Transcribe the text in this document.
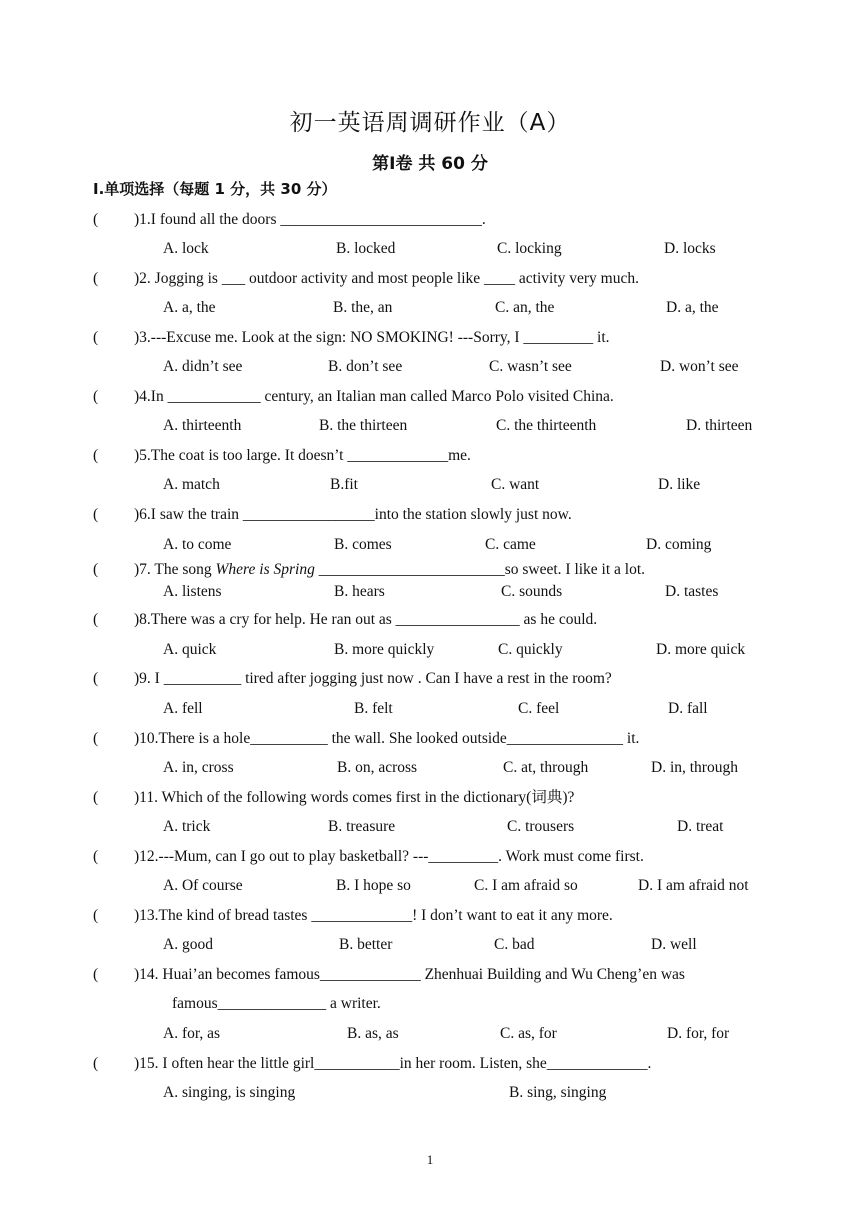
初一英语周调研作业（A）
第Ⅰ卷 共 60 分
Ⅰ.单项选择（每题 1 分，共 30 分）
( )1.I found all the doors __________________________.
A. lock	B. locked	C. locking	D. locks
( )2. Jogging is ___ outdoor activity and most people like ____ activity very much.
A. a, the	B. the, an	C. an, the	D. a, the
( )3.---Excuse me. Look at the sign: NO SMOKING! ---Sorry, I _________ it.
A. didn’t see	B. don’t see	C. wasn’t see	D. won’t see
( )4.In ____________ century, an Italian man called Marco Polo visited China.
A. thirteenth	B. the thirteen	C. the thirteenth	D. thirteen
( )5.The coat is too large. It doesn’t _____________me.
A. match	B.fit	C. want	D. like
( )6.I saw the train _________________into the station slowly just now.
A. to come	B. comes	C. came	D. coming
( )7. The song Where is Spring ________________________so sweet. I like it a lot.
A. listens	B. hears	C. sounds	D. tastes
( )8.There was a cry for help. He ran out as ________________ as he could.
A. quick	B. more quickly	C. quickly	D. more quick
( )9. I __________ tired after jogging just now . Can I have a rest in the room?
A. fell	B. felt	C. feel	D. fall
( )10.There is a hole__________ the wall. She looked outside_______________ it.
A. in, cross	B. on, across	C. at, through	D. in, through
( )11. Which of the following words comes first in the dictionary(词典)?
A. trick	B. treasure	C. trousers	D. treat
( )12.---Mum, can I go out to play basketball? ---_________. Work must come first.
A. Of course	B. I hope so	C. I am afraid so	D. I am afraid not
( )13.The kind of bread tastes _____________! I don’t want to eat it any more.
A. good	B. better	C. bad	D. well
( )14. Huai’an becomes famous_____________ Zhenhuai Building and Wu Cheng’en was
famous______________ a writer.
A. for, as	B. as, as	C. as, for	D. for, for
( )15. I often hear the little girl___________in her room. Listen, she_____________.
A. singing, is singing	B. sing, singing
1
